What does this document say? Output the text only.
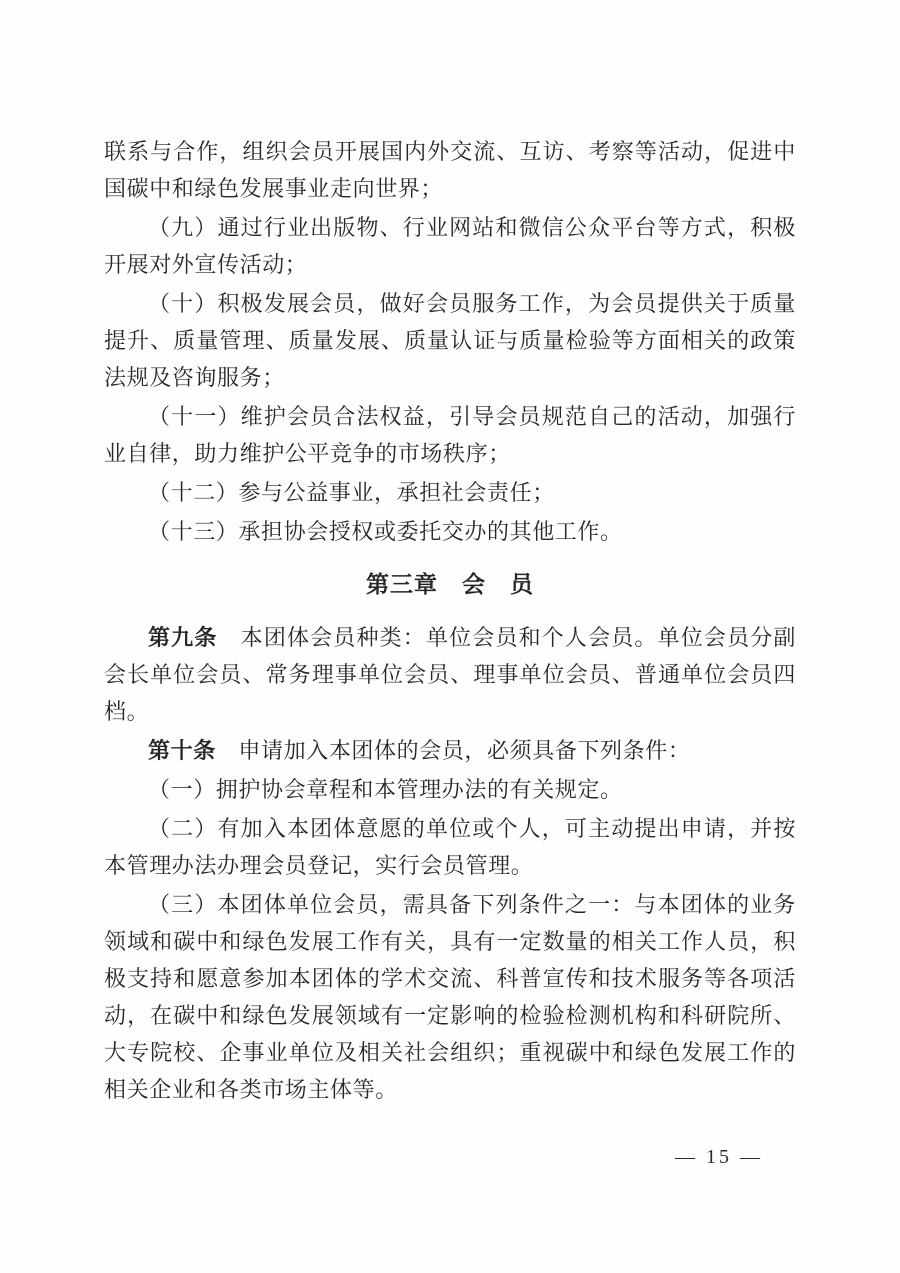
联系与合作，组织会员开展国内外交流、互访、考察等活动，促进中国碳中和绿色发展事业走向世界；

（九）通过行业出版物、行业网站和微信公众平台等方式，积极开展对外宣传活动；

（十）积极发展会员，做好会员服务工作，为会员提供关于质量提升、质量管理、质量发展、质量认证与质量检验等方面相关的政策法规及咨询服务；

（十一）维护会员合法权益，引导会员规范自己的活动，加强行业自律，助力维护公平竞争的市场秩序；

（十二）参与公益事业，承担社会责任；

（十三）承担协会授权或委托交办的其他工作。

第三章　会　员

第九条　本团体会员种类：单位会员和个人会员。单位会员分副会长单位会员、常务理事单位会员、理事单位会员、普通单位会员四档。

第十条　申请加入本团体的会员，必须具备下列条件：

（一）拥护协会章程和本管理办法的有关规定。

（二）有加入本团体意愿的单位或个人，可主动提出申请，并按本管理办法办理会员登记，实行会员管理。

（三）本团体单位会员，需具备下列条件之一：与本团体的业务领域和碳中和绿色发展工作有关，具有一定数量的相关工作人员，积极支持和愿意参加本团体的学术交流、科普宣传和技术服务等各项活动，在碳中和绿色发展领域有一定影响的检验检测机构和科研院所、大专院校、企事业单位及相关社会组织；重视碳中和绿色发展工作的相关企业和各类市场主体等。

— 15 —
